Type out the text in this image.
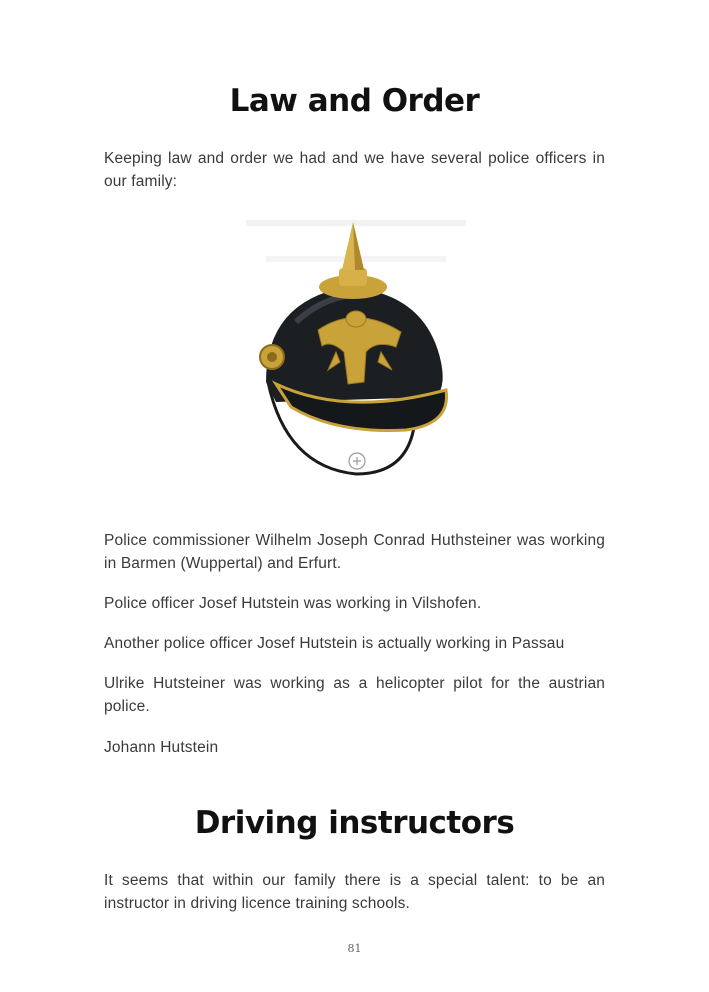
Law and Order

Keeping law and order we had and we have several police officers in our family:

Police commissioner Wilhelm Joseph Conrad Huthsteiner was working in Barmen (Wuppertal) and Erfurt.

Police officer Josef Hutstein was working in Vilshofen.

Another police officer Josef Hutstein is actually working in Passau

Ulrike Hutsteiner was working as a helicopter pilot for the austrian police.

Johann Hutstein

Driving instructors

It seems that within our family there is a special talent: to be an instructor in driving licence training schools.

81
